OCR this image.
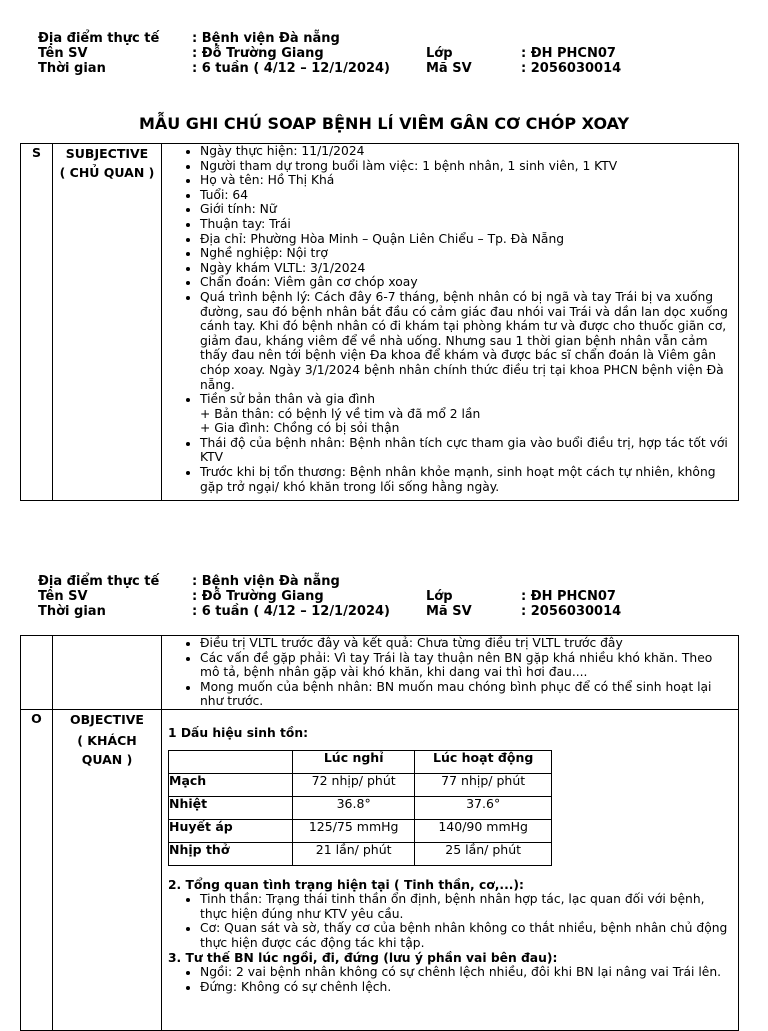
Địa điểm thực tế	: Bệnh viện Đà nẵng
Tên SV	: Đỗ Trường Giang	Lớp	: ĐH PHCN07
Thời gian	: 6 tuần ( 4/12 – 12/1/2024)	Mã SV	: 2056030014
MẪU GHI CHÚ SOAP BỆNH LÍ VIÊM GÂN CƠ CHÓP XOAY
S	SUBJECTIVE
( CHỦ QUAN )

• Ngày thực hiện: 11/1/2024
• Người tham dự trong buổi làm việc: 1 bệnh nhân, 1 sinh viên, 1 KTV
• Họ và tên: Hồ Thị Khá
• Tuổi: 64
• Giới tính: Nữ
• Thuận tay: Trái
• Địa chỉ: Phường Hòa Minh – Quận Liên Chiểu – Tp. Đà Nẵng
• Nghề nghiệp: Nội trợ
• Ngày khám VLTL: 3/1/2024
• Chẩn đoán: Viêm gân cơ chóp xoay
• Quá trình bệnh lý: Cách đây 6-7 tháng, bệnh nhân có bị ngã và tay Trái bị va xuống đường, sau đó bệnh nhân bắt đầu có cảm giác đau nhói vai Trái và dần lan dọc xuống cánh tay. Khi đó bệnh nhân có đi khám tại phòng khám tư và được cho thuốc giãn cơ, giảm đau, kháng viêm để về nhà uống. Nhưng sau 1 thời gian bệnh nhân vẫn cảm thấy đau nên tới bệnh viện Đa khoa để khám và được bác sĩ chẩn đoán là Viêm gân chóp xoay. Ngày 3/1/2024 bệnh nhân chính thức điều trị tại khoa PHCN bệnh viện Đà nẵng.
• Tiền sử bản thân và gia đình
+ Bản thân: có bệnh lý về tim và đã mổ 2 lần
+ Gia đình: Chồng có bị sỏi thận
• Thái độ của bệnh nhân: Bệnh nhân tích cực tham gia vào buổi điều trị, hợp tác tốt với KTV
• Trước khi bị tổn thương: Bệnh nhân khỏe mạnh, sinh hoạt một cách tự nhiên, không gặp trở ngại/ khó khăn trong lối sống hằng ngày.
Địa điểm thực tế	: Bệnh viện Đà nẵng
Tên SV	: Đỗ Trường Giang	Lớp	: ĐH PHCN07
Thời gian	: 6 tuần ( 4/12 – 12/1/2024)	Mã SV	: 2056030014

• Điều trị VLTL trước đây và kết quả: Chưa từng điều trị VLTL trước đây
• Các vấn đề gặp phải: Vì tay Trái là tay thuận nên BN gặp khá nhiều khó khăn. Theo mô tả, bệnh nhân gặp vài khó khăn, khi dang vai thì hơi đau....
• Mong muốn của bệnh nhân: BN muốn mau chóng bình phục để có thể sinh hoạt lại như trước.

O	OBJECTIVE
( KHÁCH
QUAN )

1 Dấu hiệu sinh tồn:
	Lúc nghỉ	Lúc hoạt động
Mạch	72 nhịp/ phút	77 nhịp/ phút
Nhiệt	36.8°	37.6°
Huyết áp	125/75 mmHg	140/90 mmHg
Nhịp thở	21 lần/ phút	25 lần/ phút
2. Tổng quan tình trạng hiện tại ( Tinh thần, cơ,...):
• Tinh thần: Trạng thái tinh thần ổn định, bệnh nhân hợp tác, lạc quan đối với bệnh, thực hiện đúng như KTV yêu cầu.
• Cơ: Quan sát và sờ, thấy cơ của bệnh nhân không co thắt nhiều, bệnh nhân chủ động thực hiện được các động tác khi tập.
3. Tư thế BN lúc ngồi, đi, đứng (lưu ý phần vai bên đau):
• Ngồi: 2 vai bệnh nhân không có sự chênh lệch nhiều, đôi khi BN lại nâng vai Trái lên.
• Đứng: Không có sự chênh lệch.
